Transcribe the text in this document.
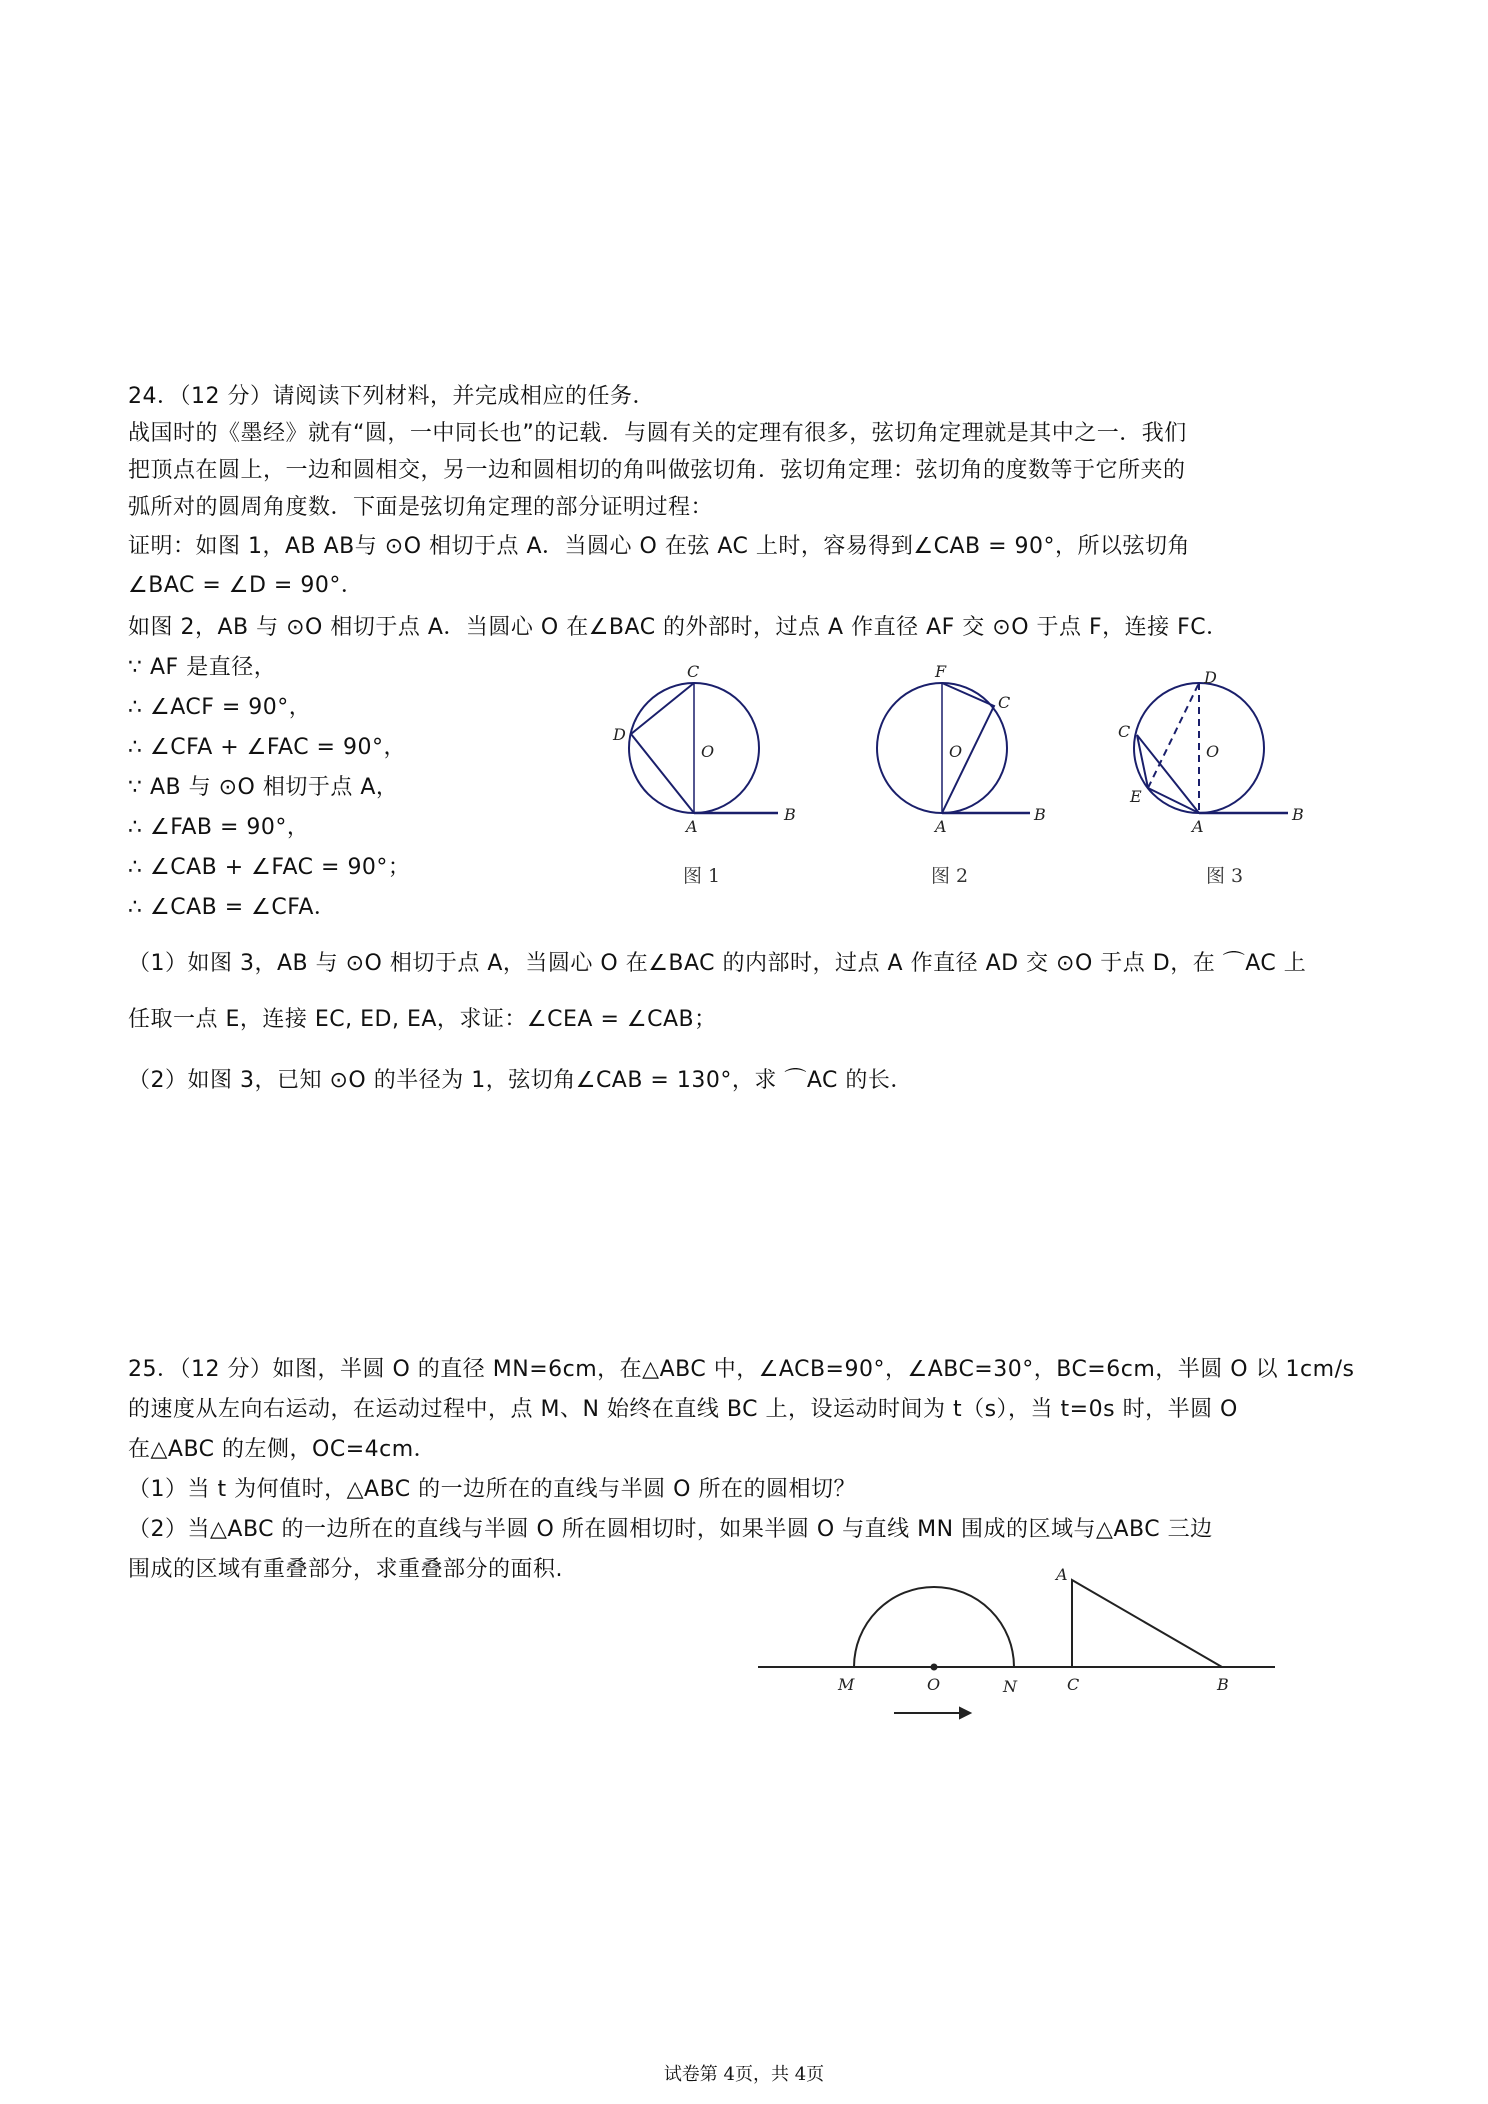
24．（12 分）请阅读下列材料，并完成相应的任务．
战国时的《墨经》就有“圆，一中同长也”的记载．与圆有关的定理有很多，弦切角定理就是其中之一．我们
把顶点在圆上，一边和圆相交，另一边和圆相切的角叫做弦切角．弦切角定理：弦切角的度数等于它所夹的
弧所对的圆周角度数．下面是弦切角定理的部分证明过程：
证明：如图 1，AB AB与 ⊙O 相切于点 A．当圆心 O 在弦 AC 上时，容易得到∠CAB = 90°，所以弦切角
∠BAC = ∠D = 90°．
如图 2，AB 与 ⊙O 相切于点 A．当圆心 O 在∠BAC 的外部时，过点 A 作直径 AF 交 ⊙O 于点 F，连接 FC．
∵ AF 是直径，
∴ ∠ACF = 90°，
∴ ∠CFA + ∠FAC = 90°，
∵ AB 与 ⊙O 相切于点 A，
∴ ∠FAB = 90°，
∴ ∠CAB + ∠FAC = 90°；
∴ ∠CAB = ∠CFA．
C
D
O
A
B
图 1
F
C
O
A
B
图 2
D
C
O
E
A
B
图 3
（1）如图 3，AB 与 ⊙O 相切于点 A，当圆心 O 在∠BAC 的内部时，过点 A 作直径 AD 交 ⊙O 于点 D，在 ⌒AC 上
任取一点 E，连接 EC, ED, EA，求证：∠CEA = ∠CAB；
（2）如图 3，已知 ⊙O 的半径为 1，弦切角∠CAB = 130°，求 ⌒AC 的长．
25．（12 分）如图，半圆 O 的直径 MN=6cm，在△ABC 中，∠ACB=90°，∠ABC=30°，BC=6cm，半圆 O 以 1cm/s
的速度从左向右运动，在运动过程中，点 M、N 始终在直线 BC 上，设运动时间为 t（s），当 t=0s 时，半圆 O
在△ABC 的左侧，OC=4cm．
（1）当 t 为何值时，△ABC 的一边所在的直线与半圆 O 所在的圆相切？
（2）当△ABC 的一边所在的直线与半圆 O 所在圆相切时，如果半圆 O 与直线 MN 围成的区域与△ABC 三边
围成的区域有重叠部分，求重叠部分的面积.	A
M	O	N	C	B
试卷第 4页，共 4页
